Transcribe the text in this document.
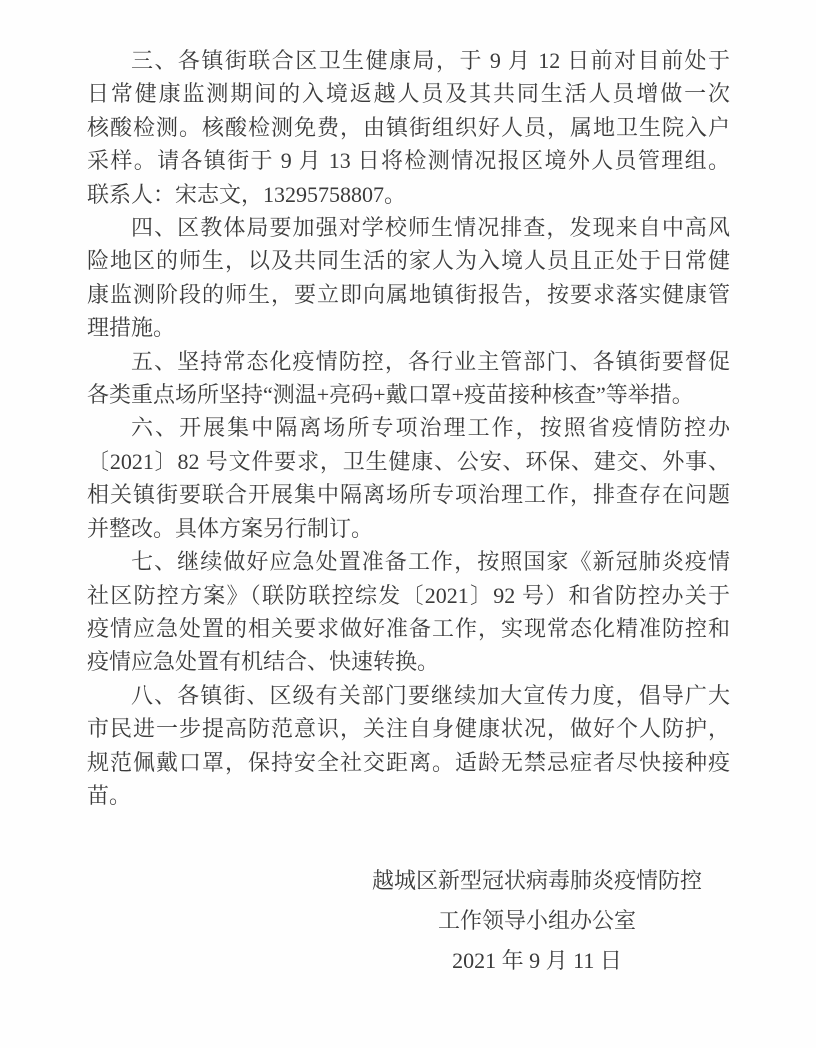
三、各镇街联合区卫生健康局，于 9 月 12 日前对目前处于
日常健康监测期间的入境返越人员及其共同生活人员增做一次
核酸检测。核酸检测免费，由镇街组织好人员，属地卫生院入户
采样。请各镇街于 9 月 13 日将检测情况报区境外人员管理组。
联系人：宋志文，13295758807。
四、区教体局要加强对学校师生情况排查，发现来自中高风
险地区的师生，以及共同生活的家人为入境人员且正处于日常健
康监测阶段的师生，要立即向属地镇街报告，按要求落实健康管
理措施。
五、坚持常态化疫情防控，各行业主管部门、各镇街要督促
各类重点场所坚持“测温+亮码+戴口罩+疫苗接种核查”等举措。
六、开展集中隔离场所专项治理工作，按照省疫情防控办
〔2021〕82 号文件要求，卫生健康、公安、环保、建交、外事、
相关镇街要联合开展集中隔离场所专项治理工作，排查存在问题
并整改。具体方案另行制订。
七、继续做好应急处置准备工作，按照国家《新冠肺炎疫情
社区防控方案》（联防联控综发〔2021〕92 号）和省防控办关于
疫情应急处置的相关要求做好准备工作，实现常态化精准防控和
疫情应急处置有机结合、快速转换。
八、各镇街、区级有关部门要继续加大宣传力度，倡导广大
市民进一步提高防范意识，关注自身健康状况，做好个人防护，
规范佩戴口罩，保持安全社交距离。适龄无禁忌症者尽快接种疫
苗。
越城区新型冠状病毒肺炎疫情防控
工作领导小组办公室
2021 年 9 月 11 日
